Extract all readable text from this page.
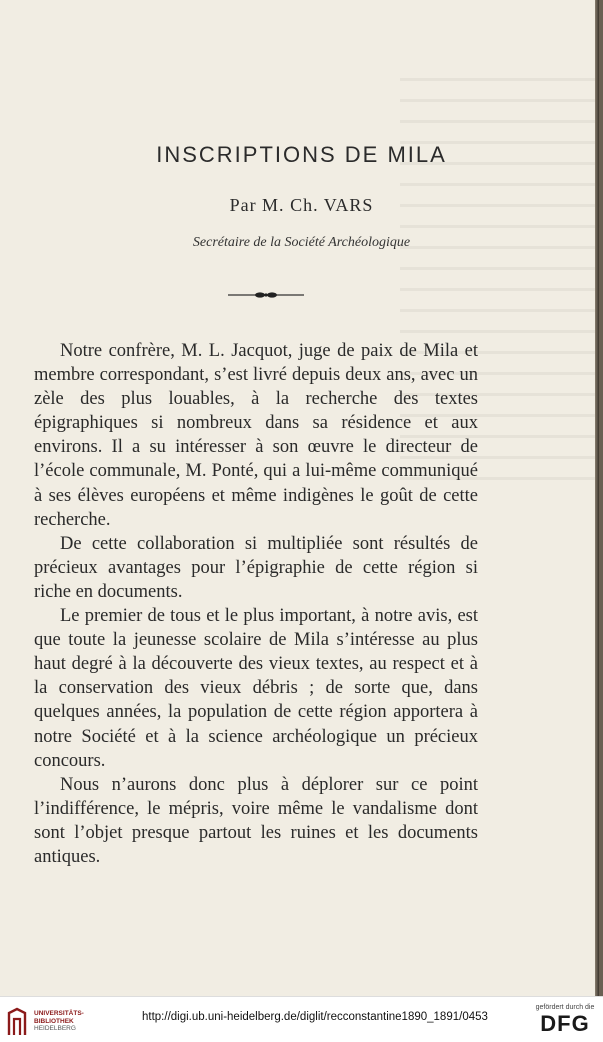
INSCRIPTIONS DE MILA
Par M. Ch. VARS
Secrétaire de la Société Archéologique

Notre confrère, M. L. Jacquot, juge de paix de Mila et membre correspondant, s’est livré depuis deux ans, avec un zèle des plus louables, à la recherche des textes épigraphiques si nombreux dans sa résidence et aux environs. Il a su intéresser à son œuvre le directeur de l’école communale, M. Ponté, qui a lui-même communiqué à ses élèves européens et même indigènes le goût de cette recherche.

De cette collaboration si multipliée sont résultés de précieux avantages pour l’épigraphie de cette région si riche en documents.

Le premier de tous et le plus important, à notre avis, est que toute la jeunesse scolaire de Mila s’intéresse au plus haut degré à la découverte des vieux textes, au respect et à la conservation des vieux débris ; de sorte que, dans quelques années, la population de cette région apportera à notre Société et à la science archéologique un précieux concours.

Nous n’aurons donc plus à déplorer sur ce point l’indifférence, le mépris, voire même le vandalisme dont sont l’objet presque partout les ruines et les documents antiques.

UNIVERSITÄTS-
BIBLIOTHEK
HEIDELBERG
http://digi.ub.uni-heidelberg.de/diglit/recconstantine1890_1891/0453
gefördert durch die
DFG
